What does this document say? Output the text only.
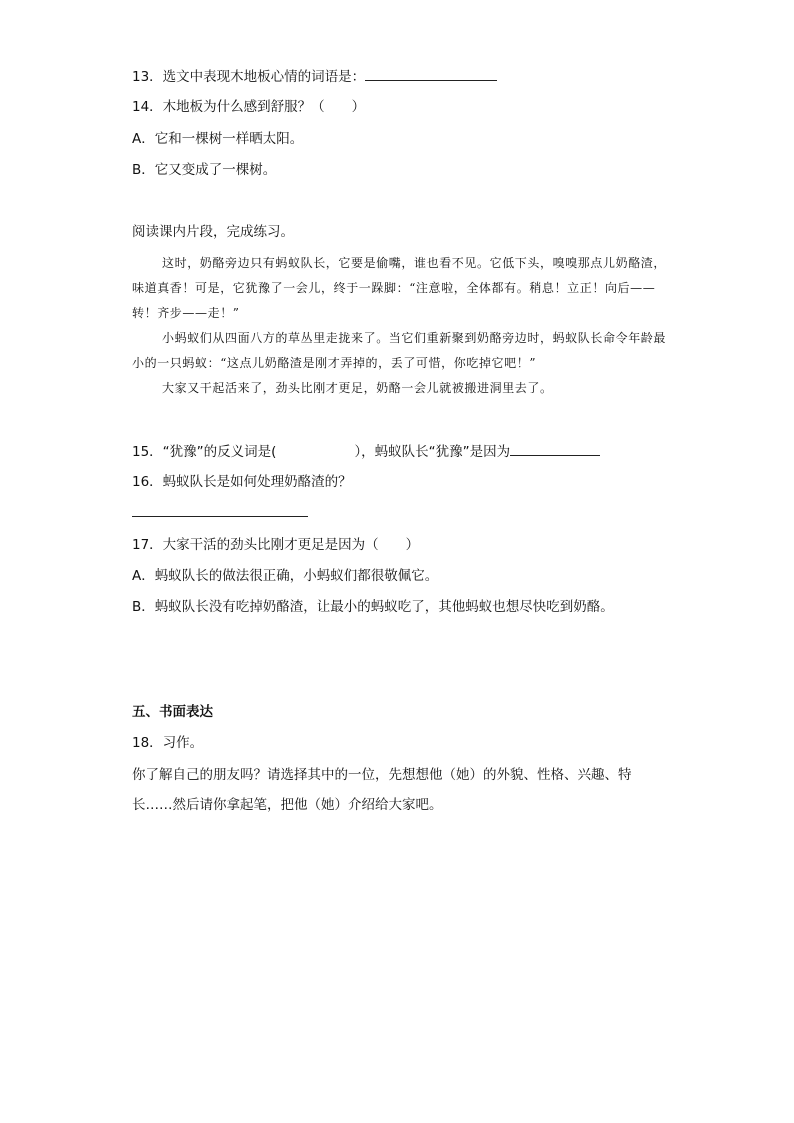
13．选文中表现木地板心情的词语是：
14．木地板为什么感到舒服？（　　）
A．它和一棵树一样晒太阳。
B．它又变成了一棵树。
阅读课内片段，完成练习。

这时，奶酪旁边只有蚂蚁队长，它要是偷嘴，谁也看不见。它低下头，嗅嗅那点儿奶酪渣，味道真香！可是，它犹豫了一会儿，终于一跺脚：“注意啦，全体都有。稍息！立正！向后——转！齐步——走！”

小蚂蚁们从四面八方的草丛里走拢来了。当它们重新聚到奶酪旁边时，蚂蚁队长命令年龄最小的一只蚂蚁：“这点儿奶酪渣是刚才弄掉的，丢了可惜，你吃掉它吧！”

大家又干起活来了，劲头比刚才更足，奶酪一会儿就被搬进洞里去了。

15．“犹豫”的反义词是(	），蚂蚁队长“犹豫”是因为
16．蚂蚁队长是如何处理奶酪渣的？
17．大家干活的劲头比刚才更足是因为（　　）
A．蚂蚁队长的做法很正确，小蚂蚁们都很敬佩它。
B．蚂蚁队长没有吃掉奶酪渣，让最小的蚂蚁吃了，其他蚂蚁也想尽快吃到奶酪。
五、书面表达
18．习作。
你了解自己的朋友吗？请选择其中的一位，先想想他（她）的外貌、性格、兴趣、特长……然后请你拿起笔，把他（她）介绍给大家吧。
